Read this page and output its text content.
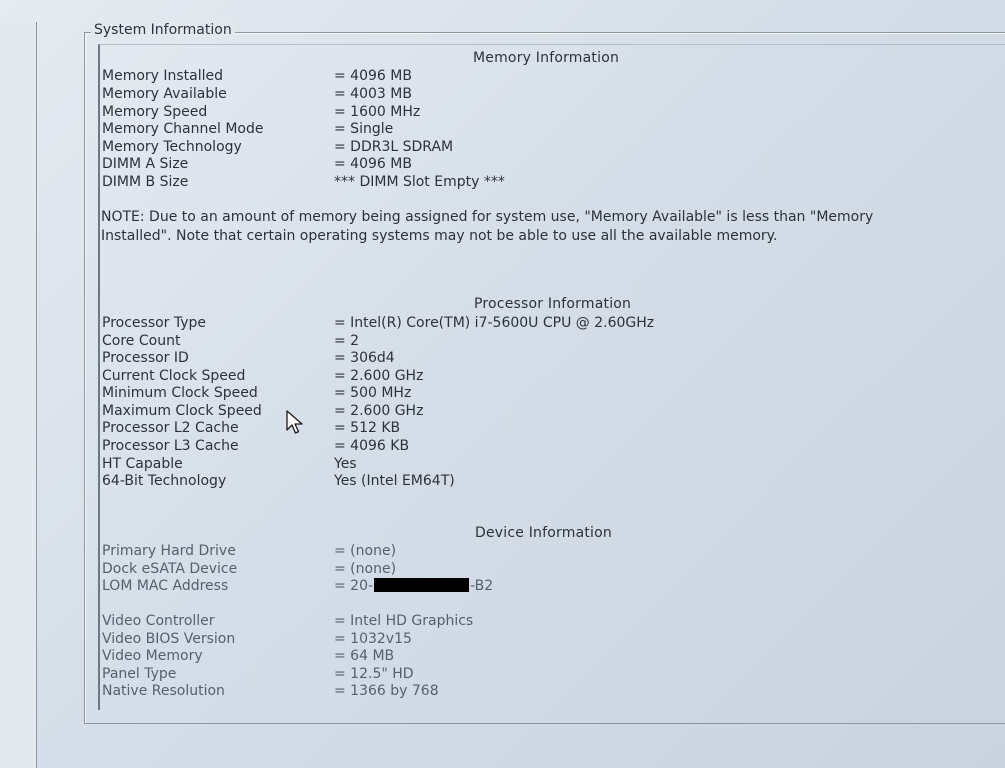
System Information
Memory Information
Memory Installed	= 4096 MB
Memory Available	= 4003 MB
Memory Speed	= 1600 MHz
Memory Channel Mode	= Single
Memory Technology	= DDR3L SDRAM
DIMM A Size	= 4096 MB
DIMM B Size	*** DIMM Slot Empty ***
NOTE: Due to an amount of memory being assigned for system use, "Memory Available" is less than "Memory Installed". Note that certain operating systems may not be able to use all the available memory.
Processor Information
Processor Type	= Intel(R) Core(TM) i7-5600U CPU @ 2.60GHz
Core Count	= 2
Processor ID	= 306d4
Current Clock Speed	= 2.600 GHz
Minimum Clock Speed	= 500 MHz
Maximum Clock Speed	= 2.600 GHz
Processor L2 Cache	= 512 KB
Processor L3 Cache	= 4096 KB
HT Capable	Yes
64-Bit Technology	Yes (Intel EM64T)
Device Information
Primary Hard Drive	= (none)
Dock eSATA Device	= (none)
LOM MAC Address	= 20-	-B2
Video Controller	= Intel HD Graphics
Video BIOS Version	= 1032v15
Video Memory	= 64 MB
Panel Type	= 12.5" HD
Native Resolution	= 1366 by 768
